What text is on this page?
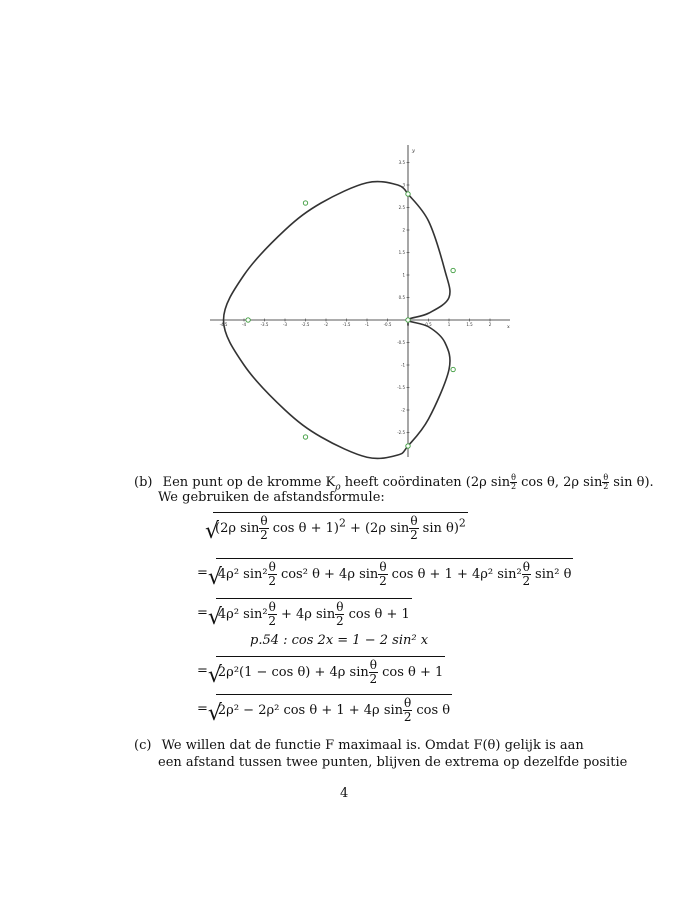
-4.5	-4	-3.5	-3	-2.5	-2	-1.5	-1	-0.5	0	0.5	1	1.5	2
3.5
3
2.5
2
1.5
1
0.5
-0.5
-1
-1.5
-2
-2.5
x
y
(b) Een punt op de kromme $K_\rho$ heeft coördinaten (2ρ $\sin \frac{\theta}{2}$ cos θ, 2ρ $\sin \frac{\theta}{2}$ sin θ).
We gebruiken de afstandsformule:
√
(2ρ $\sin \frac{\theta}{2}$ cos θ + 1)$^2$ + (2ρ $\sin \frac{\theta}{2}$ sin θ)$^2$
= √
4ρ² $\sin^2 \frac{\theta}{2} \cos^2$ θ + 4ρ $\sin \frac{\theta}{2}$ cos θ + 1 + 4ρ² $\sin^2 \frac{\theta}{2} \sin^2$ θ
= √
4ρ² $\sin^2 \frac{\theta}{2} + 4\rho$ $\sin \frac{\theta}{2}$ cos θ + 1
p.54 : cos 2x = 1 − 2 sin² x
= √
2ρ²(1 − cos θ) + 4ρ $\sin \frac{\theta}{2}$ cos θ + 1
= √
2ρ² − 2ρ² cos θ + 1 + 4ρ $\sin \frac{\theta}{2}$ cos θ
(c) We willen dat de functie F maximaal is. Omdat F(θ) gelijk is aan
een afstand tussen twee punten, blijven de extrema op dezelfde positie
4
